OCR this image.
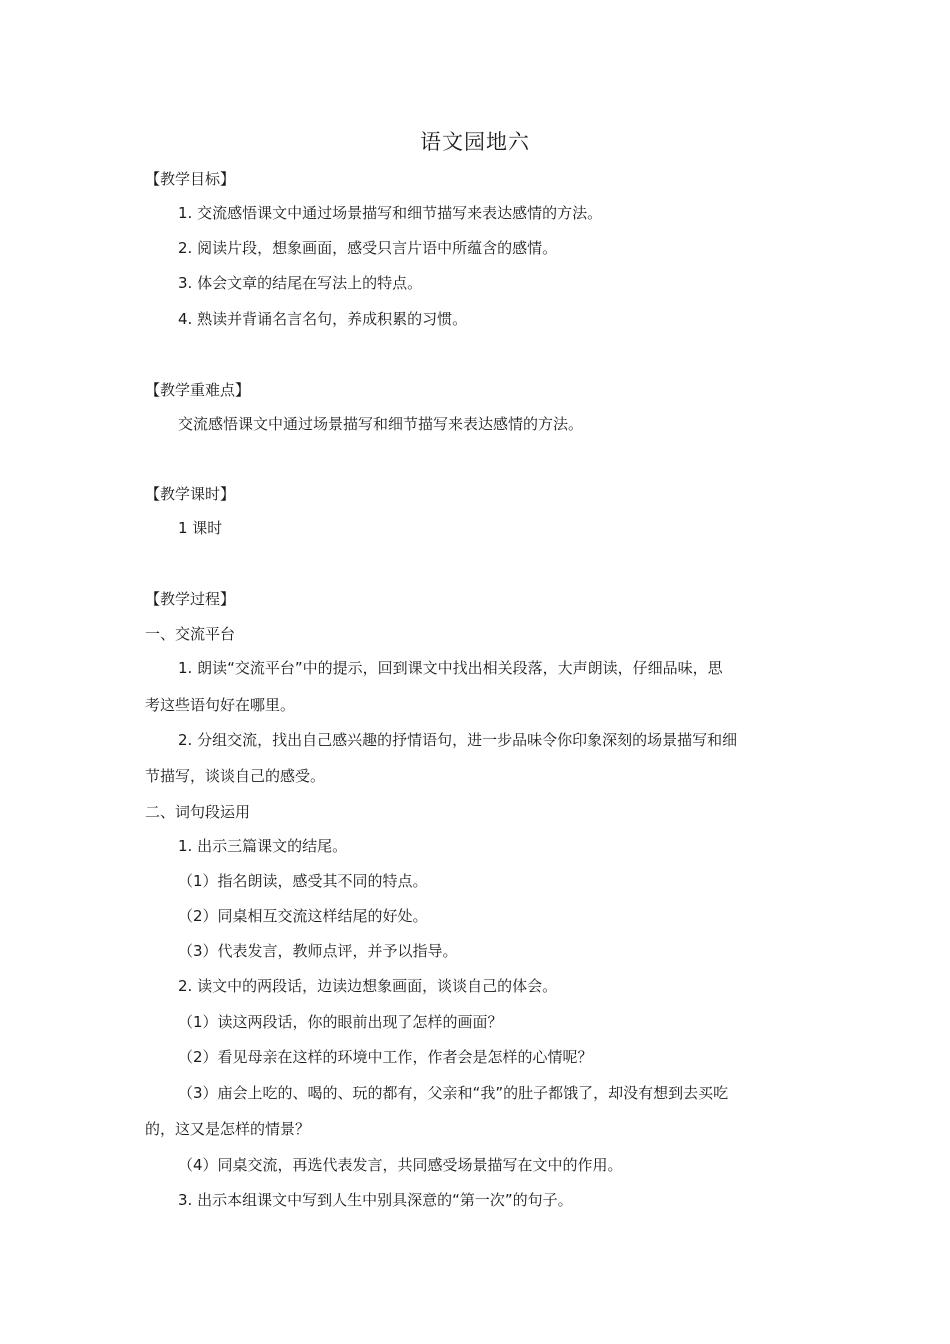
语文园地六
【教学目标】
1. 交流感悟课文中通过场景描写和细节描写来表达感情的方法。
2. 阅读片段，想象画面，感受只言片语中所蕴含的感情。
3. 体会文章的结尾在写法上的特点。
4. 熟读并背诵名言名句，养成积累的习惯。
【教学重难点】
交流感悟课文中通过场景描写和细节描写来表达感情的方法。
【教学课时】
1 课时
【教学过程】
一、交流平台
1. 朗读“交流平台”中的提示，回到课文中找出相关段落，大声朗读，仔细品味，思
考这些语句好在哪里。
2. 分组交流，找出自己感兴趣的抒情语句，进一步品味令你印象深刻的场景描写和细
节描写，谈谈自己的感受。
二、词句段运用
1. 出示三篇课文的结尾。
（1）指名朗读，感受其不同的特点。
（2）同桌相互交流这样结尾的好处。
（3）代表发言，教师点评，并予以指导。
2. 读文中的两段话，边读边想象画面，谈谈自己的体会。
（1）读这两段话，你的眼前出现了怎样的画面？
（2）看见母亲在这样的环境中工作，作者会是怎样的心情呢？
（3）庙会上吃的、喝的、玩的都有，父亲和“我”的肚子都饿了，却没有想到去买吃
的，这又是怎样的情景？
（4）同桌交流，再选代表发言，共同感受场景描写在文中的作用。
3. 出示本组课文中写到人生中别具深意的“第一次”的句子。
